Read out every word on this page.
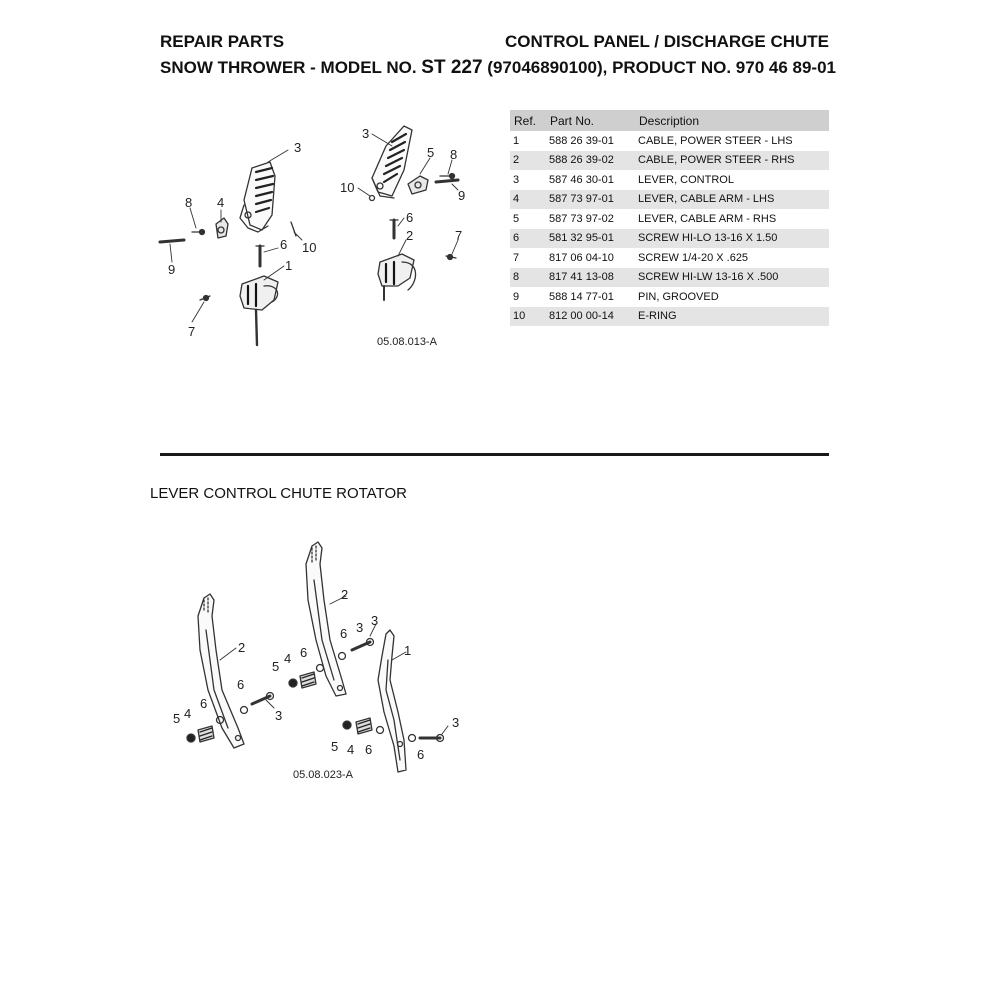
REPAIR PARTS	CONTROL PANEL / DISCHARGE CHUTE
SNOW THROWER - MODEL NO. ST 227 (97046890100), PRODUCT NO. 970 46 89-01
Ref.	Part No.	Description
1	588 26 39-01	CABLE, POWER STEER - LHS
2	588 26 39-02	CABLE, POWER STEER - RHS
3	587 46 30-01	LEVER, CONTROL
4	587 73 97-01	LEVER, CABLE ARM - LHS
5	587 73 97-02	LEVER, CABLE ARM - RHS
6	581 32 95-01	SCREW HI-LO 13-16 X 1.50
7	817 06 04-10	SCREW 1/4-20 X .625
8	817 41 13-08	SCREW HI-LW 13-16 X .500
9	588 14 77-01	PIN, GROOVED
10	812 00 00-14	E-RING
3
4
8
9
10
6
1
7
3
5 8
9
10
6
2	7
05.08.013-A
2
6
4
5
6
3
2
6
3
4
5
6
3
1
5 4 6	6
3
05.08.023-A
LEVER CONTROL CHUTE ROTATOR
